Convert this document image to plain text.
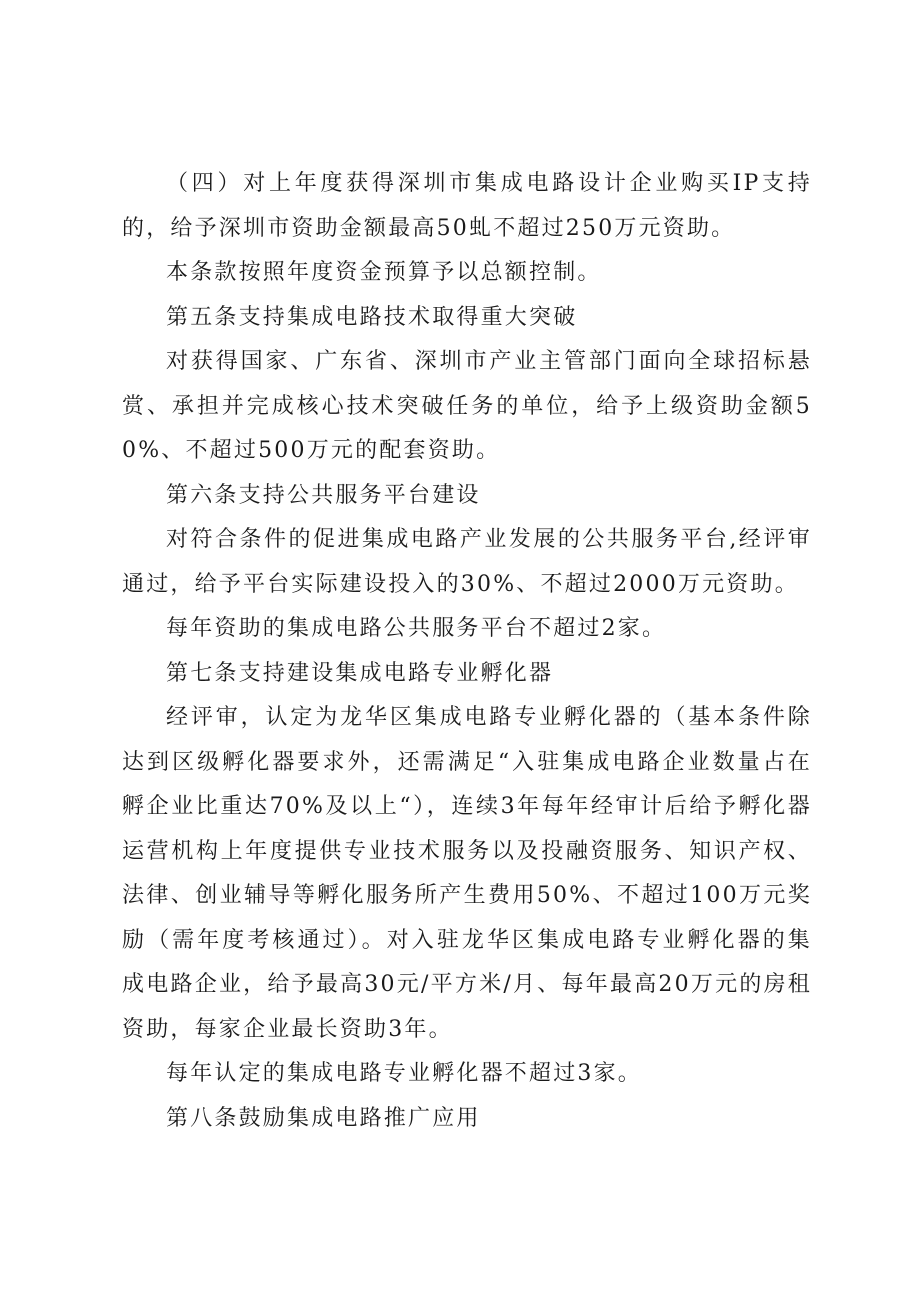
（四）对上年度获得深圳市集成电路设计企业购买IP支持的，给予深圳市资助金额最高50虬不超过250万元资助。

本条款按照年度资金预算予以总额控制。

第五条支持集成电路技术取得重大突破

对获得国家、广东省、深圳市产业主管部门面向全球招标悬赏、承担并完成核心技术突破任务的单位，给予上级资助金额50%、不超过500万元的配套资助。

第六条支持公共服务平台建设

对符合条件的促进集成电路产业发展的公共服务平台,经评审通过，给予平台实际建设投入的30%、不超过2000万元资助。

每年资助的集成电路公共服务平台不超过2家。

第七条支持建设集成电路专业孵化器

经评审，认定为龙华区集成电路专业孵化器的（基本条件除达到区级孵化器要求外，还需满足“入驻集成电路企业数量占在孵企业比重达70%及以上“），连续3年每年经审计后给予孵化器运营机构上年度提供专业技术服务以及投融资服务、知识产权、法律、创业辅导等孵化服务所产生费用50%、不超过100万元奖励（需年度考核通过）。对入驻龙华区集成电路专业孵化器的集成电路企业，给予最高30元/平方米/月、每年最高20万元的房租资助，每家企业最长资助3年。

每年认定的集成电路专业孵化器不超过3家。

第八条鼓励集成电路推广应用
